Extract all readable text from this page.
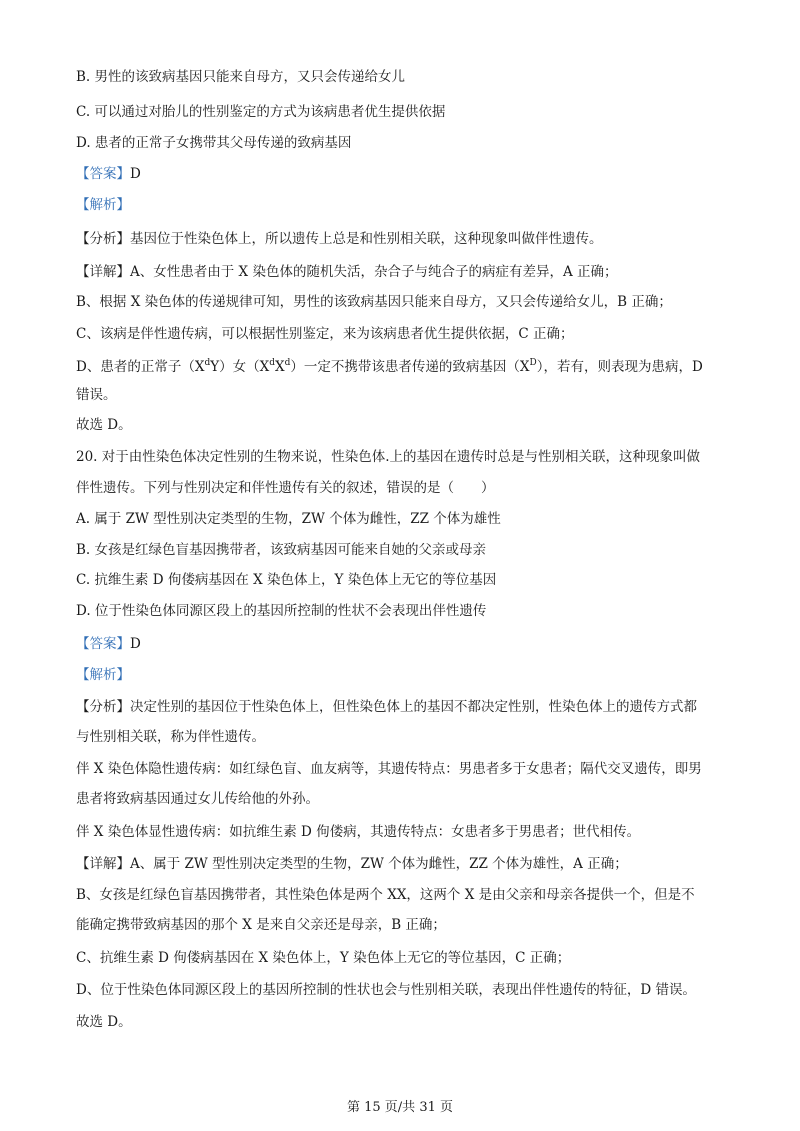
B. 男性的该致病基因只能来自母方，又只会传递给女儿
C. 可以通过对胎儿的性别鉴定的方式为该病患者优生提供依据
D. 患者的正常子女携带其父母传递的致病基因
【答案】D
【解析】
【分析】基因位于性染色体上，所以遗传上总是和性别相关联，这种现象叫做伴性遗传。
【详解】A、女性患者由于 X 染色体的随机失活，杂合子与纯合子的病症有差异，A 正确；
B、根据 X 染色体的传递规律可知，男性的该致病基因只能来自母方，又只会传递给女儿，B 正确；
C、该病是伴性遗传病，可以根据性别鉴定，来为该病患者优生提供依据，C 正确；
D、患者的正常子$(X^dY)$女$(X^dX^d)$一定不携带该患者传递的致病基因$(X^D)$，若有，则表现为患病，D
错误。
故选 D。
20. 对于由性染色体决定性别的生物来说，性染色体.上的基因在遗传时总是与性别相关联，这种现象叫做
伴性遗传。下列与性别决定和伴性遗传有关的叙述，错误的是（　　）
A. 属于 ZW 型性别决定类型的生物，ZW 个体为雌性，ZZ 个体为雄性
B. 女孩是红绿色盲基因携带者，该致病基因可能来自她的父亲或母亲
C. 抗维生素 D 佝偻病基因在 X 染色体上，Y 染色体上无它的等位基因
D. 位于性染色体同源区段上的基因所控制的性状不会表现出伴性遗传
【答案】D
【解析】
【分析】决定性别的基因位于性染色体上，但性染色体上的基因不都决定性别，性染色体上的遗传方式都
与性别相关联，称为伴性遗传。
伴 X 染色体隐性遗传病：如红绿色盲、血友病等，其遗传特点：男患者多于女患者；隔代交叉遗传，即男
患者将致病基因通过女儿传给他的外孙。
伴 X 染色体显性遗传病：如抗维生素 D 佝偻病，其遗传特点：女患者多于男患者；世代相传。
【详解】A、属于 ZW 型性别决定类型的生物，ZW 个体为雌性，ZZ 个体为雄性，A 正确；
B、女孩是红绿色盲基因携带者，其性染色体是两个 XX，这两个 X 是由父亲和母亲各提供一个，但是不
能确定携带致病基因的那个 X 是来自父亲还是母亲，B 正确；
C、抗维生素 D 佝偻病基因在 X 染色体上，Y 染色体上无它的等位基因，C 正确；
D、位于性染色体同源区段上的基因所控制的性状也会与性别相关联，表现出伴性遗传的特征，D 错误。
故选 D。
第 15 页/共 31 页
